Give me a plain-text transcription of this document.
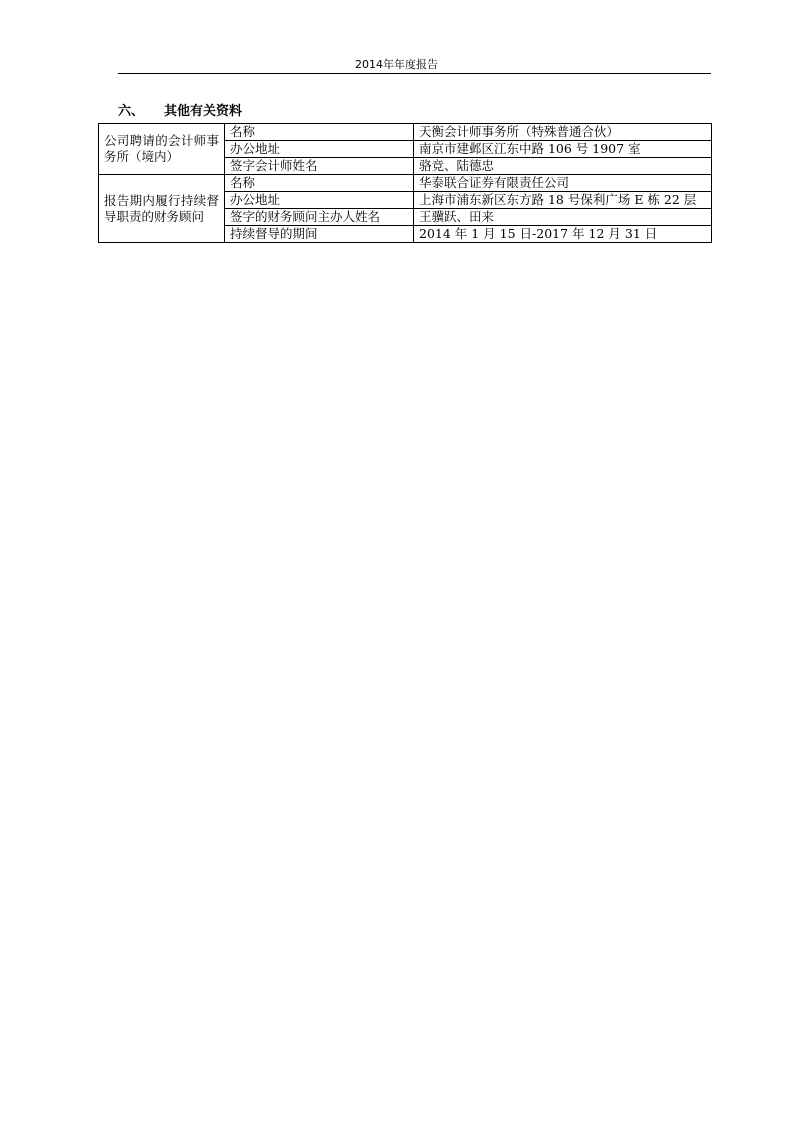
2014年年度报告
六、 其他有关资料
公司聘请的会计师事务所（境内）	名称	天衡会计师事务所（特殊普通合伙）
	办公地址	南京市建邺区江东中路 106 号 1907 室
	签字会计师姓名	骆竞、陆德忠
报告期内履行持续督导职责的财务顾问	名称	华泰联合证券有限责任公司
	办公地址	上海市浦东新区东方路 18 号保利广场 E 栋 22 层
	签字的财务顾问主办人姓名	王骥跃、田来
	持续督导的期间	2014 年 1 月 15 日-2017 年 12 月 31 日
